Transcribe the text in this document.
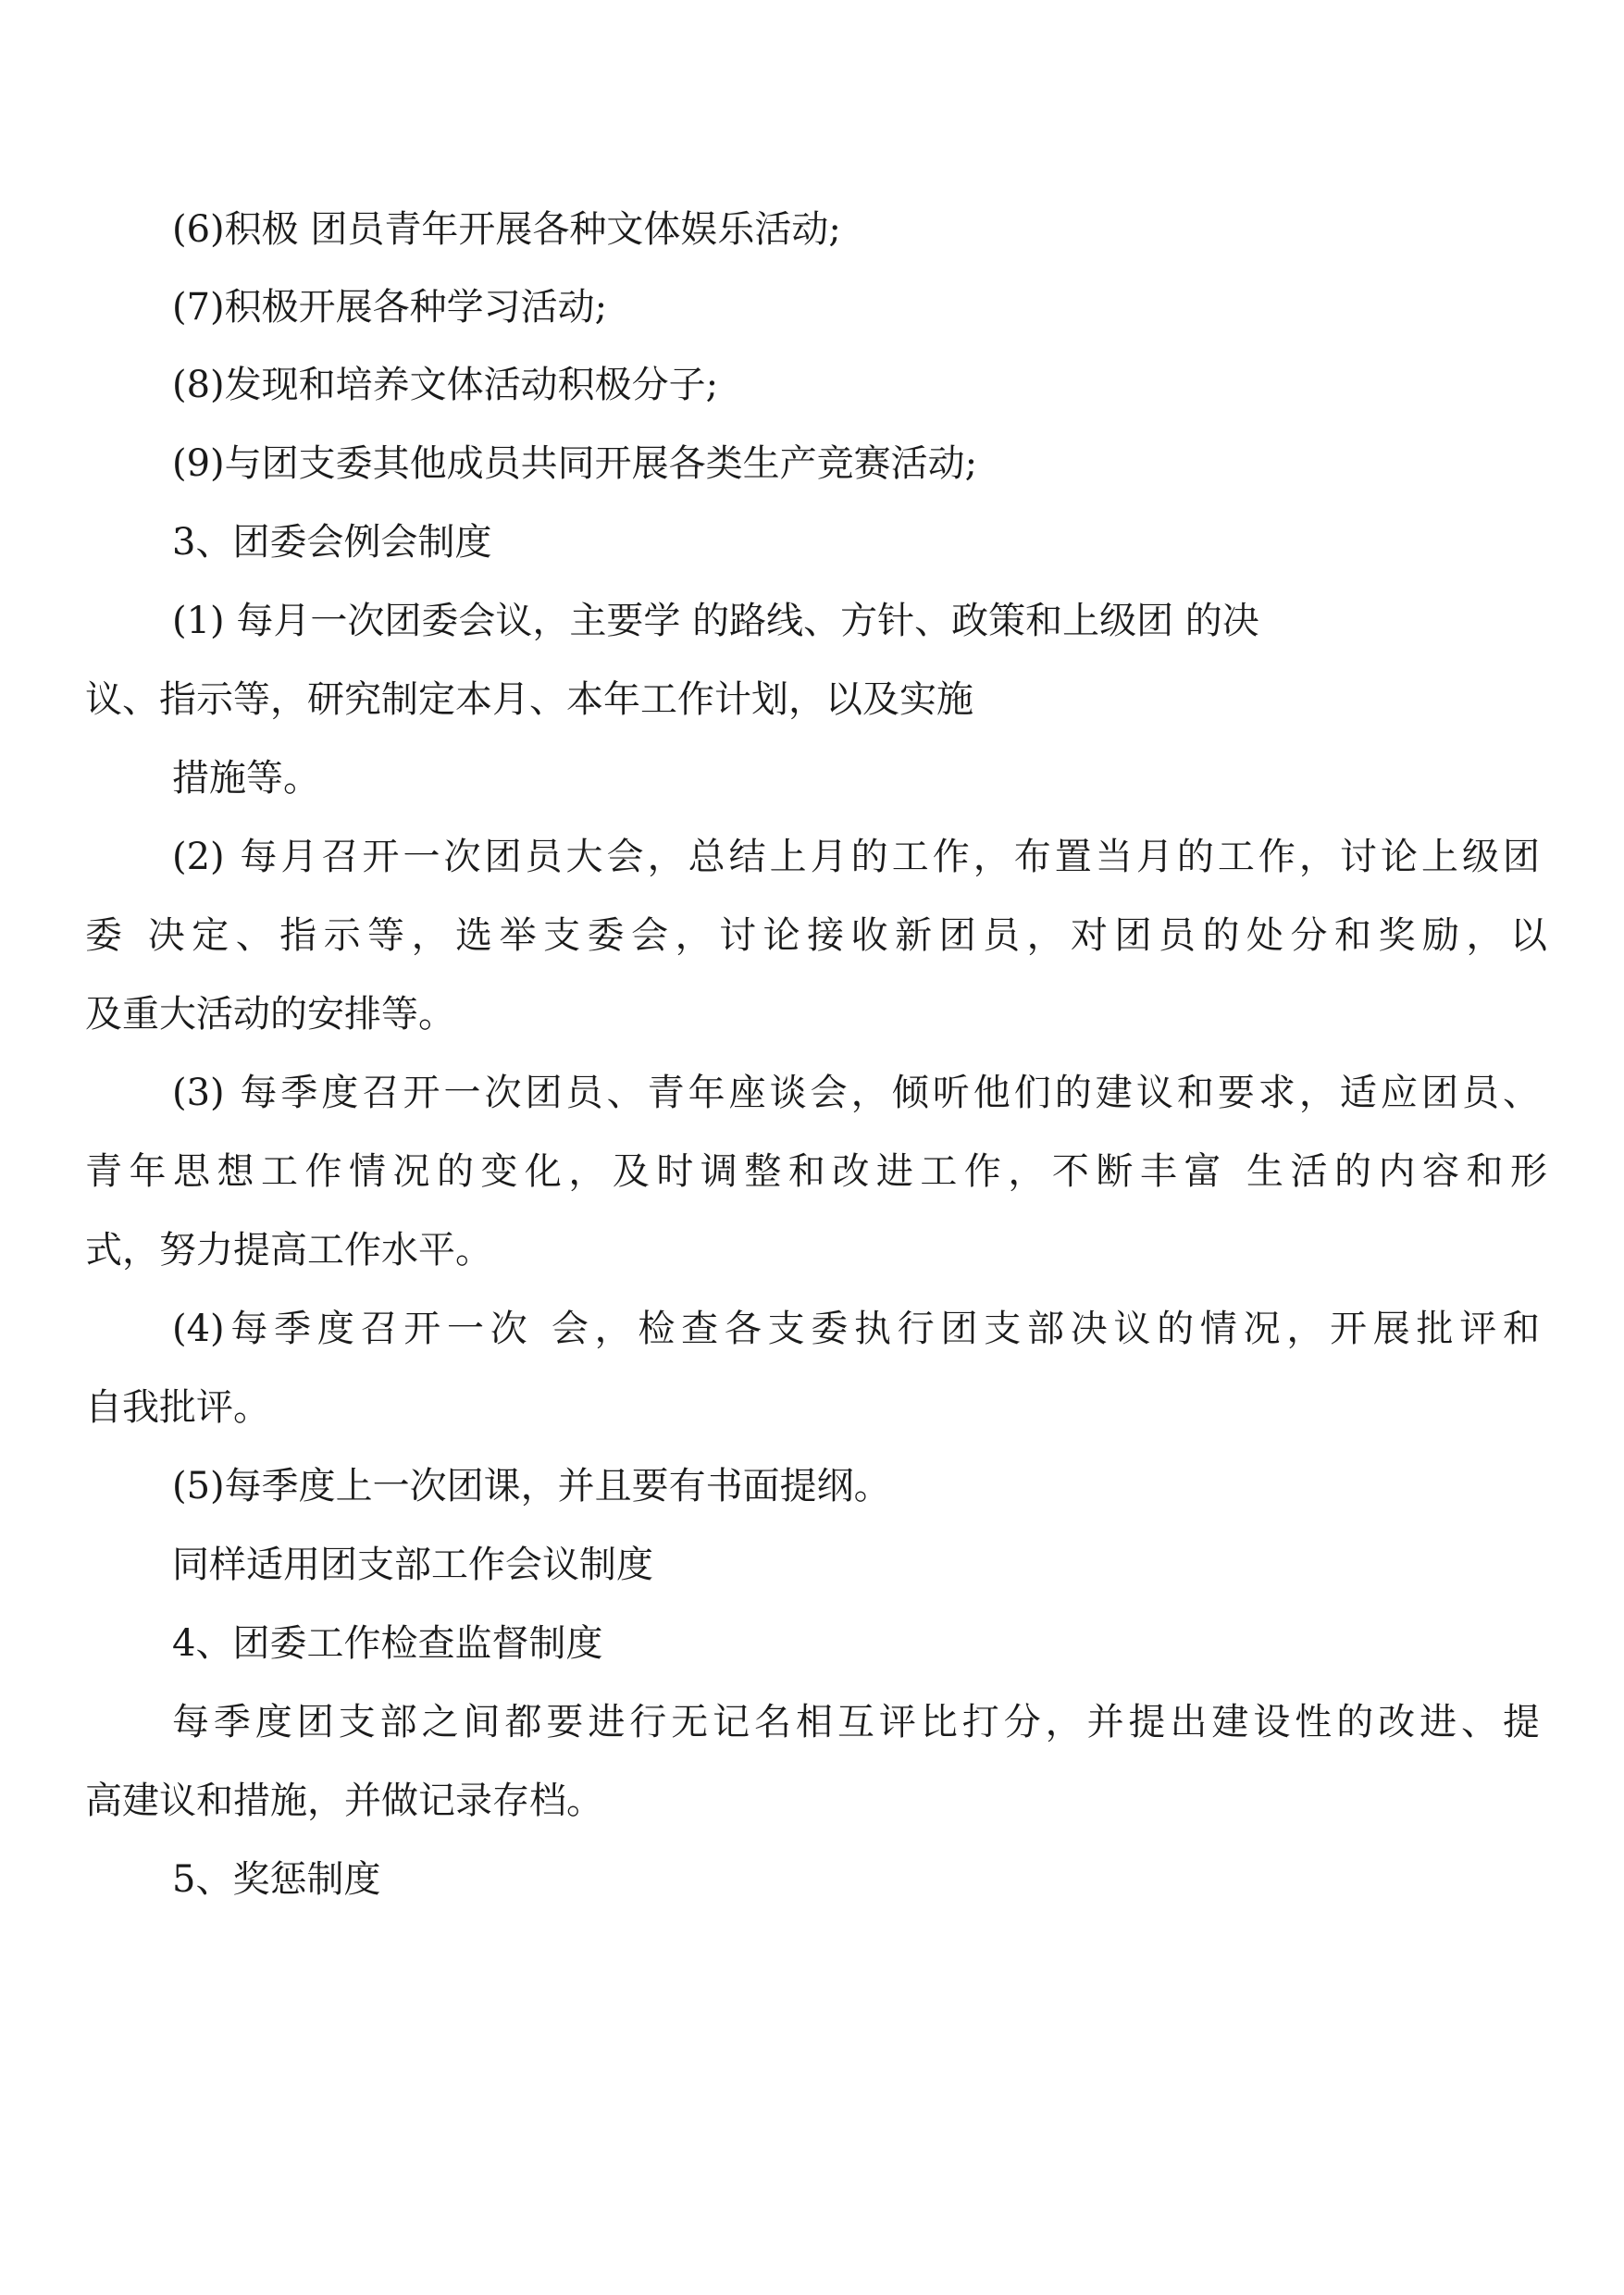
(6)积极 团员青年开展各种文体娱乐活动;
(7)积极开展各种学习活动;
(8)发现和培养文体活动积极分子;
(9)与团支委其他成员共同开展各类生产竞赛活动;
3、团委会例会制度
(1) 每月一次团委会议，主要学 的路线、方针、政策和上级团 的决
议、指示等，研究制定本月、本年工作计划，以及实施
措施等。
(2) 每月召开一次团员大会，总结上月的工作，布置当月的工作，讨论上级团
委 决定、指示等，选举支委会，讨论接收新团员，对团员的处分和奖励，以
及重大活动的安排等。
(3) 每季度召开一次团员、青年座谈会，倾听他们的建议和要求，适应团员、
青年思想工作情况的变化，及时调整和改进工作，不断丰富 生活的内容和形
式，努力提高工作水平。
(4)每季度召开一次 会，检查各支委执行团支部决议的情况，开展批评和
自我批评。
(5)每季度上一次团课，并且要有书面提纲。
同样适用团支部工作会议制度
4、团委工作检查监督制度
每季度团支部之间都要进行无记名相互评比打分，并提出建设性的改进、提
高建议和措施，并做记录存档。
5、奖惩制度
